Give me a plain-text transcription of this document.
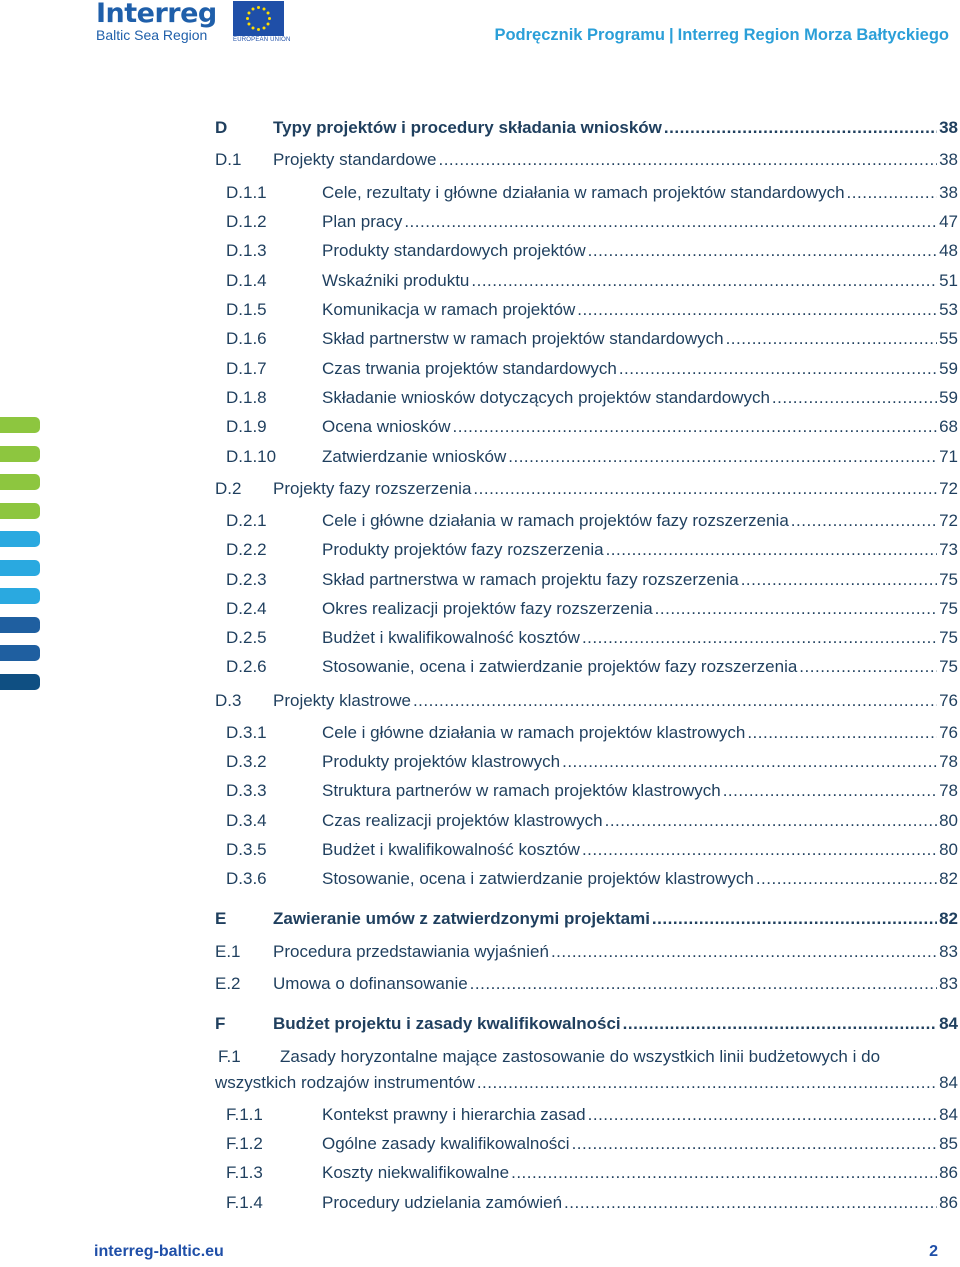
Interreg
Baltic Sea Region	EUROPEAN UNION	Podręcznik Programu | Interreg Region Morza Bałtyckiego
D	Typy projektów i procedury składania wniosków .....	38
D.1	Projekty standardowe .....	38
D.1.1	Cele, rezultaty i główne działania w ramach projektów standardowych .....	38
D.1.2	Plan pracy .....	47
D.1.3	Produkty standardowych projektów .....	48
D.1.4	Wskaźniki produktu .....	51
D.1.5	Komunikacja w ramach projektów .....	53
D.1.6	Skład partnerstw w ramach projektów standardowych .....	55
D.1.7	Czas trwania projektów standardowych .....	59
D.1.8	Składanie wniosków dotyczących projektów standardowych .....	59
D.1.9	Ocena wniosków .....	68
D.1.10	Zatwierdzanie wniosków .....	71
D.2	Projekty fazy rozszerzenia .....	72
D.2.1	Cele i główne działania w ramach projektów fazy rozszerzenia .....	72
D.2.2	Produkty projektów fazy rozszerzenia .....	73
D.2.3	Skład partnerstwa w ramach projektu fazy rozszerzenia .....	75
D.2.4	Okres realizacji projektów fazy rozszerzenia .....	75
D.2.5	Budżet i kwalifikowalność kosztów .....	75
D.2.6	Stosowanie, ocena i zatwierdzanie projektów fazy rozszerzenia .....	75
D.3	Projekty klastrowe .....	76
D.3.1	Cele i główne działania w ramach projektów klastrowych .....	76
D.3.2	Produkty projektów klastrowych .....	78
D.3.3	Struktura partnerów w ramach projektów klastrowych .....	78
D.3.4	Czas realizacji projektów klastrowych .....	80
D.3.5	Budżet i kwalifikowalność kosztów .....	80
D.3.6	Stosowanie, ocena i zatwierdzanie projektów klastrowych .....	82
E	Zawieranie umów z zatwierdzonymi projektami .....	82
E.1	Procedura przedstawiania wyjaśnień .....	83
E.2	Umowa o dofinansowanie .....	83
F	Budżet projektu i zasady kwalifikowalności .....	84
F.1 Zasady horyzontalne mające zastosowanie do wszystkich linii budżetowych i do
wszystkich rodzajów instrumentów .....	84
F.1.1	Kontekst prawny i hierarchia zasad .....	84
F.1.2	Ogólne zasady kwalifikowalności .....	85
F.1.3	Koszty niekwalifikowalne .....	86
F.1.4	Procedury udzielania zamówień .....	86
interreg-baltic.eu	2
